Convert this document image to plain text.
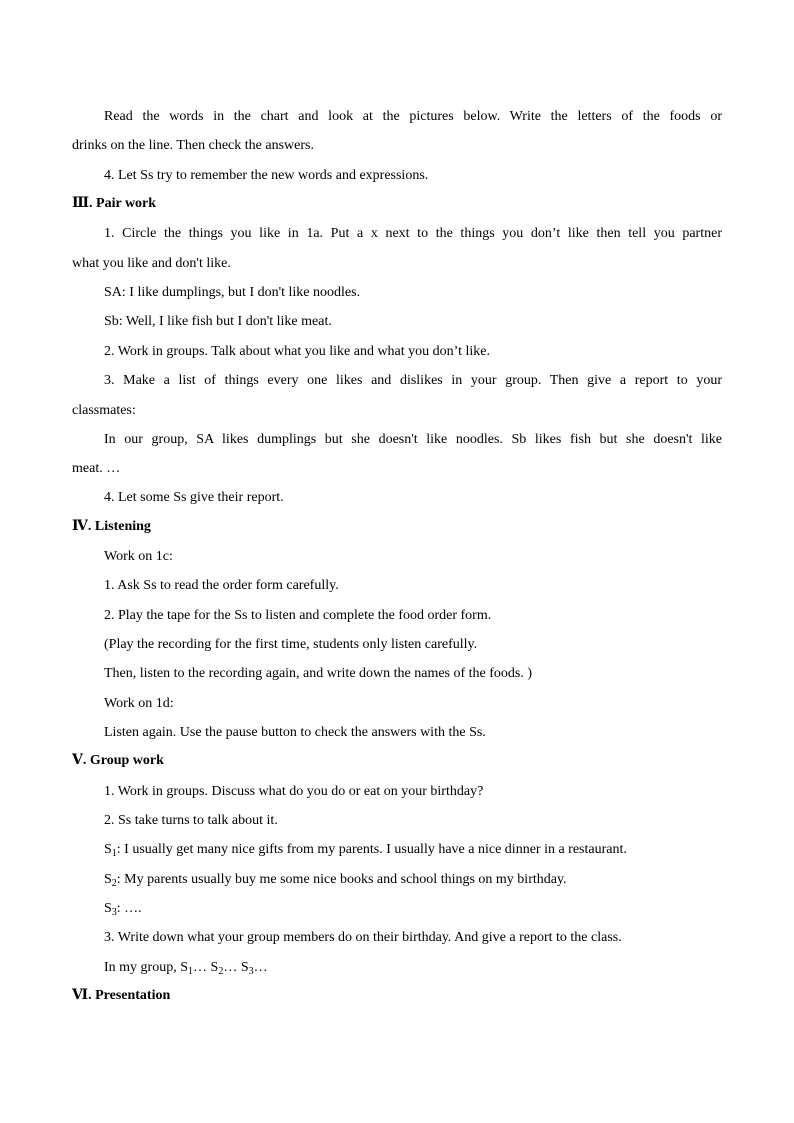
Read the words in the chart and look at the pictures below. Write the letters of the foods or
drinks on the line. Then check the answers.
4. Let Ss try to remember the new words and expressions.
Ⅲ. Pair work
1. Circle the things you like in 1a. Put a x next to the things you don’t like then tell you partner
what you like and don't like.
SA: I like dumplings, but I don't like noodles.
Sb: Well, I like fish but I don't like meat.
2. Work in groups. Talk about what you like and what you don’t like.
3. Make a list of things every one likes and dislikes in your group. Then give a report to your
classmates:
In our group, SA likes dumplings but she doesn't like noodles. Sb likes fish but she doesn't like
meat. …
4. Let some Ss give their report.
Ⅳ. Listening
Work on 1c:
1. Ask Ss to read the order form carefully.
2. Play the tape for the Ss to listen and complete the food order form.
(Play the recording for the first time, students only listen carefully.
Then, listen to the recording again, and write down the names of the foods. )
Work on 1d:
Listen again. Use the pause button to check the answers with the Ss.
Ⅴ. Group work
1. Work in groups. Discuss what do you do or eat on your birthday?
2. Ss take turns to talk about it.
$S_1$: I usually get many nice gifts from my parents. I usually have a nice dinner in a restaurant.
$S_2$: My parents usually buy me some nice books and school things on my birthday.
$S_3$: ….
3. Write down what your group members do on their birthday. And give a report to the class.
In my group, $S_1\dots$ $S_2\dots$ $S_3\dots$
Ⅵ. Presentation
